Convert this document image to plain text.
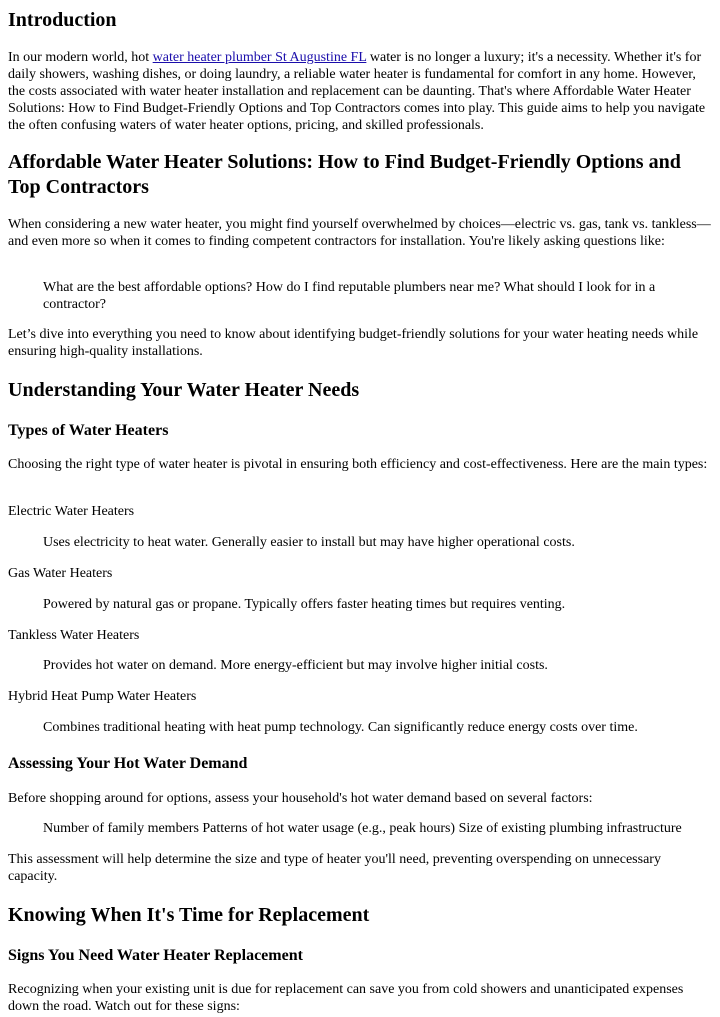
Introduction

In our modern world, hot water heater plumber St Augustine FL water is no longer a luxury; it's a necessity. Whether it's for daily showers, washing dishes, or doing laundry, a reliable water heater is fundamental for comfort in any home. However, the costs associated with water heater installation and replacement can be daunting. That's where Affordable Water Heater Solutions: How to Find Budget-Friendly Options and Top Contractors comes into play. This guide aims to help you navigate the often confusing waters of water heater options, pricing, and skilled professionals.

Affordable Water Heater Solutions: How to Find Budget-Friendly Options and Top Contractors

When considering a new water heater, you might find yourself overwhelmed by choices—electric vs. gas, tank vs. tankless—and even more so when it comes to finding competent contractors for installation. You're likely asking questions like:

What are the best affordable options? How do I find reputable plumbers near me? What should I look for in a contractor?

Let’s dive into everything you need to know about identifying budget-friendly solutions for your water heating needs while ensuring high-quality installations.

Understanding Your Water Heater Needs
Types of Water Heaters

Choosing the right type of water heater is pivotal in ensuring both efficiency and cost-effectiveness. Here are the main types:

Electric Water Heaters

Uses electricity to heat water. Generally easier to install but may have higher operational costs.

Gas Water Heaters

Powered by natural gas or propane. Typically offers faster heating times but requires venting.

Tankless Water Heaters

Provides hot water on demand. More energy-efficient but may involve higher initial costs.

Hybrid Heat Pump Water Heaters

Combines traditional heating with heat pump technology. Can significantly reduce energy costs over time.

Assessing Your Hot Water Demand

Before shopping around for options, assess your household's hot water demand based on several factors:

Number of family members Patterns of hot water usage (e.g., peak hours) Size of existing plumbing infrastructure

This assessment will help determine the size and type of heater you'll need, preventing overspending on unnecessary capacity.

Knowing When It's Time for Replacement
Signs You Need Water Heater Replacement

Recognizing when your existing unit is due for replacement can save you from cold showers and unanticipated expenses down the road. Watch out for these signs:
